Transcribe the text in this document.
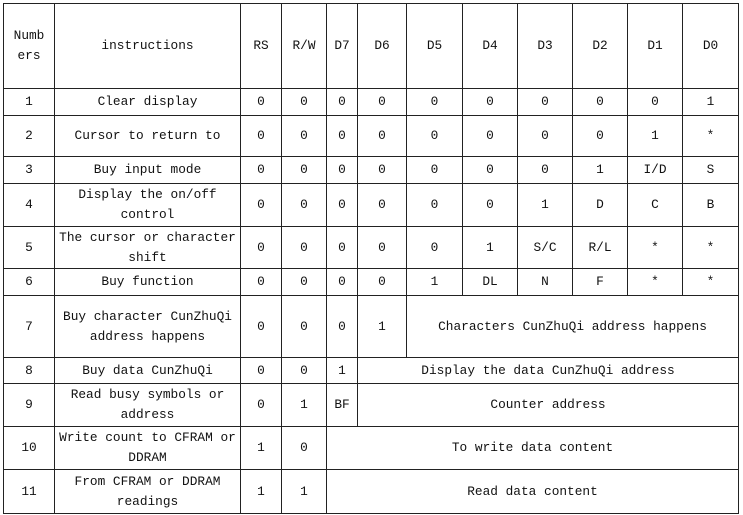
Numbers	instructions	RS	R/W	D7	D6	D5	D4	D3	D2	D1	D0
1	Clear display	0	0	0	0	0	0	0	0	0	1
2	Cursor to return to	0	0	0	0	0	0	0	0	1	*
3	Buy input mode	0	0	0	0	0	0	0	1	I/D	S
4	Display the on/off control	0	0	0	0	0	0	1	D	C	B
5	The cursor or character shift	0	0	0	0	0	1	S/C	R/L	*	*
6	Buy function	0	0	0	0	1	DL	N	F	*	*
7	Buy character CunZhuQi address happens	0	0	0	1	Characters CunZhuQi address happens					
8	Buy data CunZhuQi	0	0	1	Display the data CunZhuQi address						
9	Read busy symbols or address	0	1	BF	Counter address						
10	Write count to CFRAM or DDRAM	1	0	To write data content							
11	From CFRAM or DDRAM readings	1	1	Read data content							
